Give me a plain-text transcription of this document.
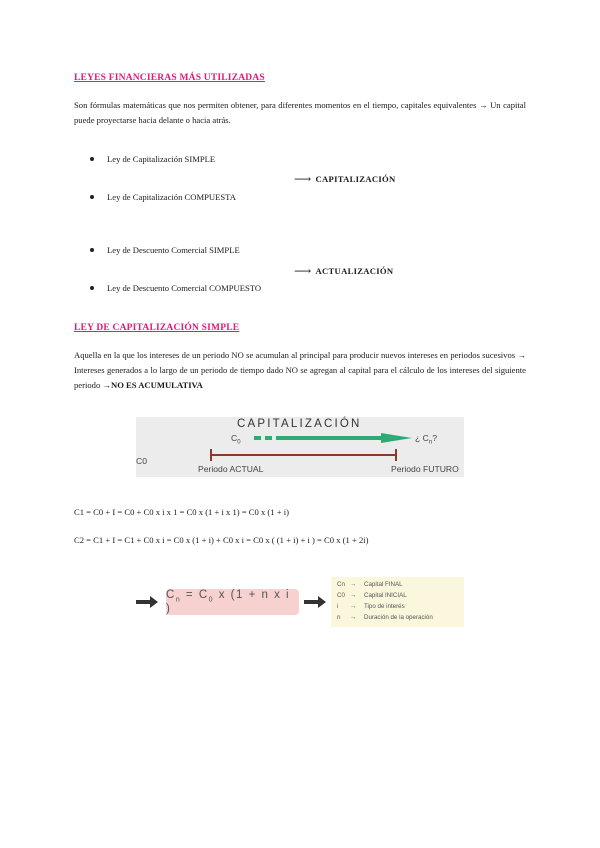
LEYES FINANCIERAS MÁS UTILIZADAS
Son fórmulas matemáticas que nos permiten obtener, para diferentes momentos en el tiempo, capitales equivalentes → Un capital puede proyectarse hacia delante o hacia atrás.
Ley de Capitalización SIMPLE
⟶ CAPITALIZACIÓN
Ley de Capitalización COMPUESTA
Ley de Descuento Comercial SIMPLE
⟶ ACTUALIZACIÓN
Ley de Descuento Comercial COMPUESTO
LEY DE CAPITALIZACIÓN SIMPLE
Aquella en la que los intereses de un periodo NO se acumulan al principal para producir nuevos intereses en periodos sucesivos → Intereses generados a lo largo de un periodo de tiempo dado NO se agregan al capital para el cálculo de los intereses del siguiente periodo →NO ES ACUMULATIVA
CAPITALIZACIÓN
$C_0$	¿ $C_n$?
C0
Periodo ACTUAL	Periodo FUTURO
C1 = C0 + I = C0 + C0 x i x 1 = C0 x (1 + i x 1) = C0 x (1 + i)
C2 = C1 + I = C1 + C0 x i = C0 x (1 + i) + C0 x i = C0 x ( (1 + i) + i ) = C0 x (1 + 2i)
$C_n = C_0$ x (1 + n x i )
Cn →	Capital FINAL
C0 →	Capital INICIAL
i	→	Tipo de interés
n	→	Duración de la operación
